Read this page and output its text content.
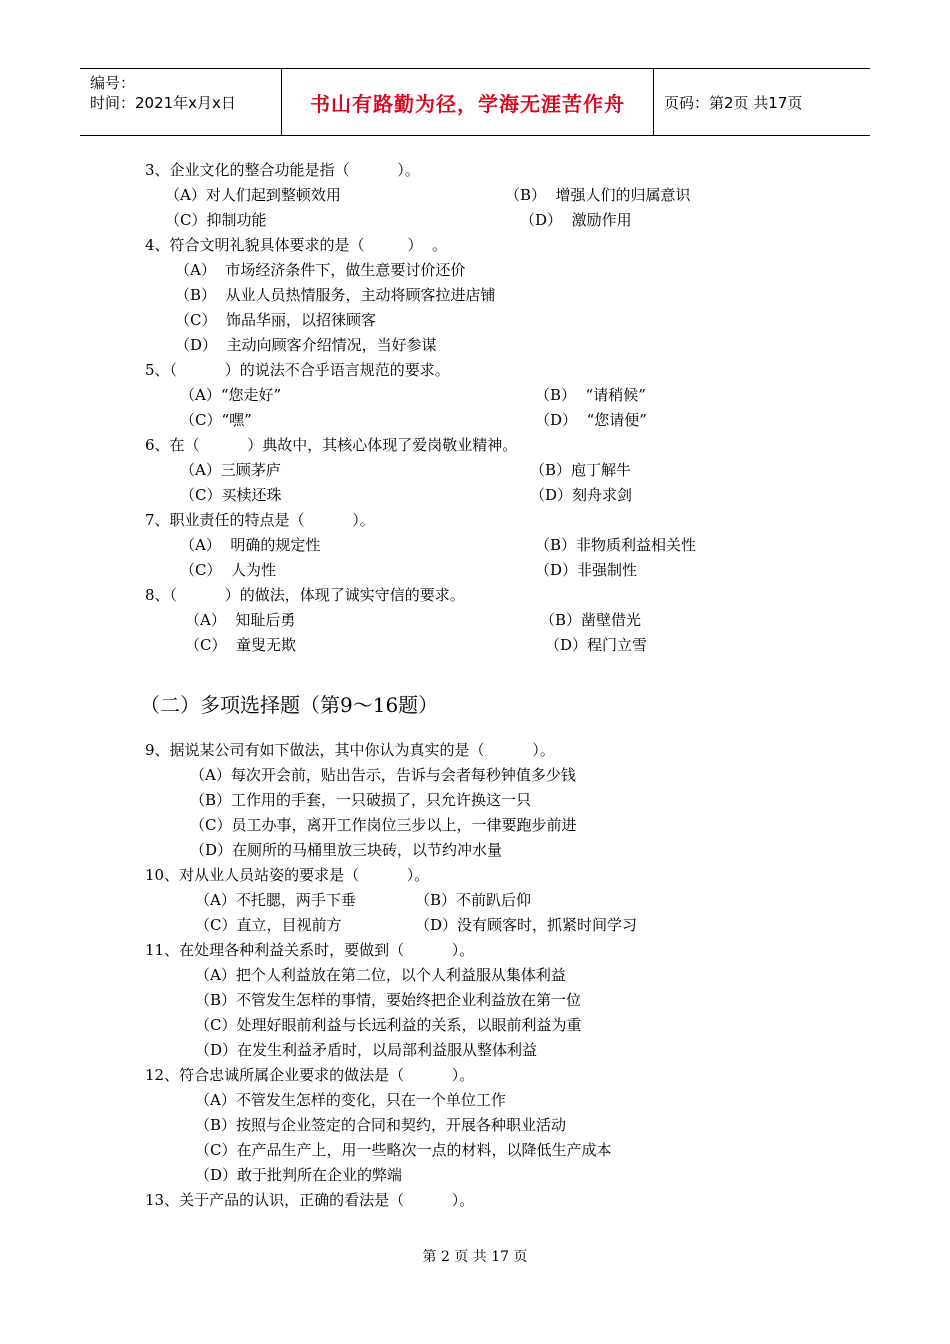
编号：
时间：2021年x月x日	书山有路勤为径，学海无涯苦作舟	页码：第2页 共17页
3、企业文化的整合功能是指（          ）。
（A）对人们起到整顿效用	（B）  增强人们的归属意识
（C）抑制功能	（D）  激励作用
4、符合文明礼貌具体要求的是（         ）  。
（A）  市场经济条件下，做生意要讨价还价
（B）  从业人员热情服务，主动将顾客拉进店铺
（C）  饰品华丽，以招徕顾客
（D）  主动向顾客介绍情况，当好参谋
5、（          ）的说法不合乎语言规范的要求。
（A）“您走好”	（B）  “请稍候”
（C）“嘿”	（D）  “您请便”
6、在（          ）典故中，其核心体现了爱岗敬业精神。
（A）三顾茅庐	（B）庖丁解牛
（C）买椟还珠	（D）刻舟求剑
7、职业责任的特点是（          ）。
（A）  明确的规定性	（B）非物质利益相关性
（C）  人为性	（D）非强制性
8、（          ）的做法，体现了诚实守信的要求。
（A）  知耻后勇	（B）凿壁借光
（C）  童叟无欺	（D）程门立雪
（二）多项选择题（第9～16题）
9、据说某公司有如下做法，其中你认为真实的是（          ）。
（A）每次开会前，贴出告示，告诉与会者每秒钟值多少钱
（B）工作用的手套，一只破损了，只允许换这一只
（C）员工办事，离开工作岗位三步以上，一律要跑步前进
（D）在厕所的马桶里放三块砖，以节约冲水量
10、对从业人员站姿的要求是（          ）。
（A）不托腮，两手下垂	（B）不前趴后仰
（C）直立，目视前方	（D）没有顾客时，抓紧时间学习
11、在处理各种利益关系时，要做到（          ）。
（A）把个人利益放在第二位，以个人利益服从集体利益
（B）不管发生怎样的事情，要始终把企业利益放在第一位
（C）处理好眼前利益与长远利益的关系，以眼前利益为重
（D）在发生利益矛盾时，以局部利益服从整体利益
12、符合忠诚所属企业要求的做法是（          ）。
（A）不管发生怎样的变化，只在一个单位工作
（B）按照与企业签定的合同和契约，开展各种职业活动
（C）在产品生产上，用一些略次一点的材料，以降低生产成本
（D）敢于批判所在企业的弊端
13、关于产品的认识，正确的看法是（          ）。
第 2 页 共 17 页
